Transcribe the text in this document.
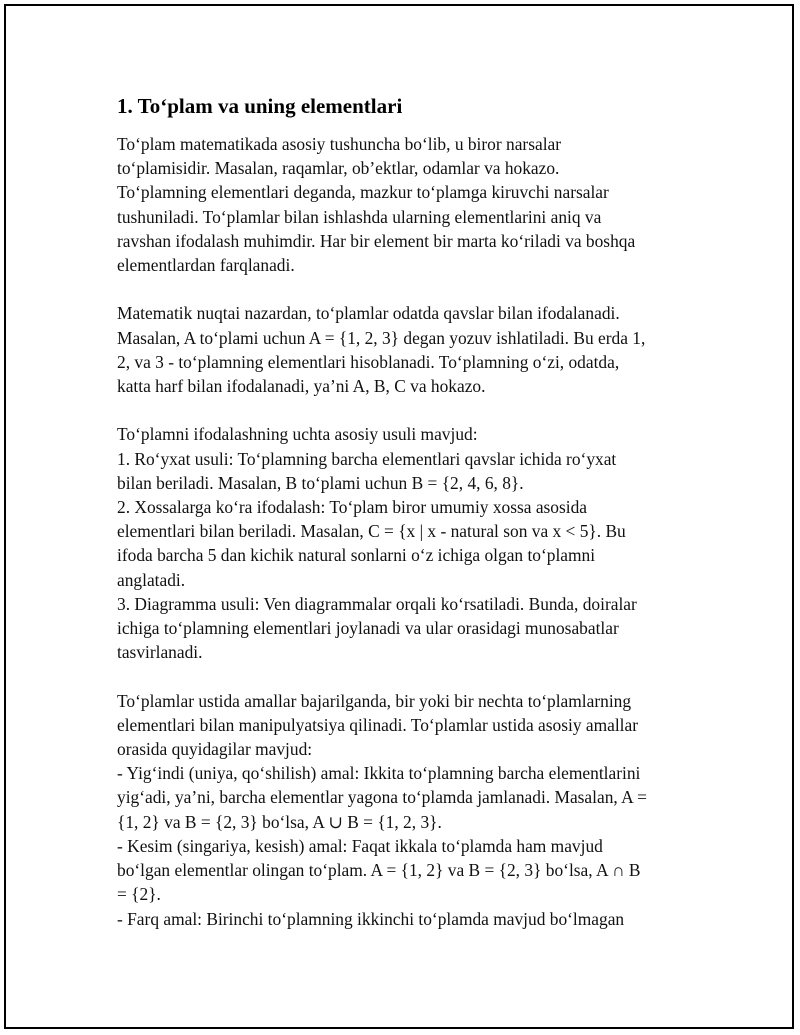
1. To‘plam va uning elementlari

To‘plam matematikada asosiy tushuncha bo‘lib, u biror narsalar
to‘plamisidir. Masalan, raqamlar, ob’ektlar, odamlar va hokazo.
To‘plamning elementlari deganda, mazkur to‘plamga kiruvchi narsalar
tushuniladi. To‘plamlar bilan ishlashda ularning elementlarini aniq va
ravshan ifodalash muhimdir. Har bir element bir marta ko‘riladi va boshqa
elementlardan farqlanadi.

Matematik nuqtai nazardan, to‘plamlar odatda qavslar bilan ifodalanadi.
Masalan, A to‘plami uchun A = {1, 2, 3} degan yozuv ishlatiladi. Bu erda 1,
2, va 3 - to‘plamning elementlari hisoblanadi. To‘plamning o‘zi, odatda,
katta harf bilan ifodalanadi, ya’ni A, B, C va hokazo.

To‘plamni ifodalashning uchta asosiy usuli mavjud:
1. Ro‘yxat usuli: To‘plamning barcha elementlari qavslar ichida ro‘yxat
bilan beriladi. Masalan, B to‘plami uchun B = {2, 4, 6, 8}.
2. Xossalarga ko‘ra ifodalash: To‘plam biror umumiy xossa asosida
elementlari bilan beriladi. Masalan, C = {x | x - natural son va x < 5}. Bu
ifoda barcha 5 dan kichik natural sonlarni o‘z ichiga olgan to‘plamni
anglatadi.
3. Diagramma usuli: Ven diagrammalar orqali ko‘rsatiladi. Bunda, doiralar
ichiga to‘plamning elementlari joylanadi va ular orasidagi munosabatlar
tasvirlanadi.

To‘plamlar ustida amallar bajarilganda, bir yoki bir nechta to‘plamlarning
elementlari bilan manipulyatsiya qilinadi. To‘plamlar ustida asosiy amallar
orasida quyidagilar mavjud:
- Yig‘indi (uniya, qo‘shilish) amal: Ikkita to‘plamning barcha elementlarini
yig‘adi, ya’ni, barcha elementlar yagona to‘plamda jamlanadi. Masalan, A =
{1, 2} va B = {2, 3} bo‘lsa, A ∪ B = {1, 2, 3}.
- Kesim (singariya, kesish) amal: Faqat ikkala to‘plamda ham mavjud
bo‘lgan elementlar olingan to‘plam. A = {1, 2} va B = {2, 3} bo‘lsa, A ∩ B
= {2}.
- Farq amal: Birinchi to‘plamning ikkinchi to‘plamda mavjud bo‘lmagan
